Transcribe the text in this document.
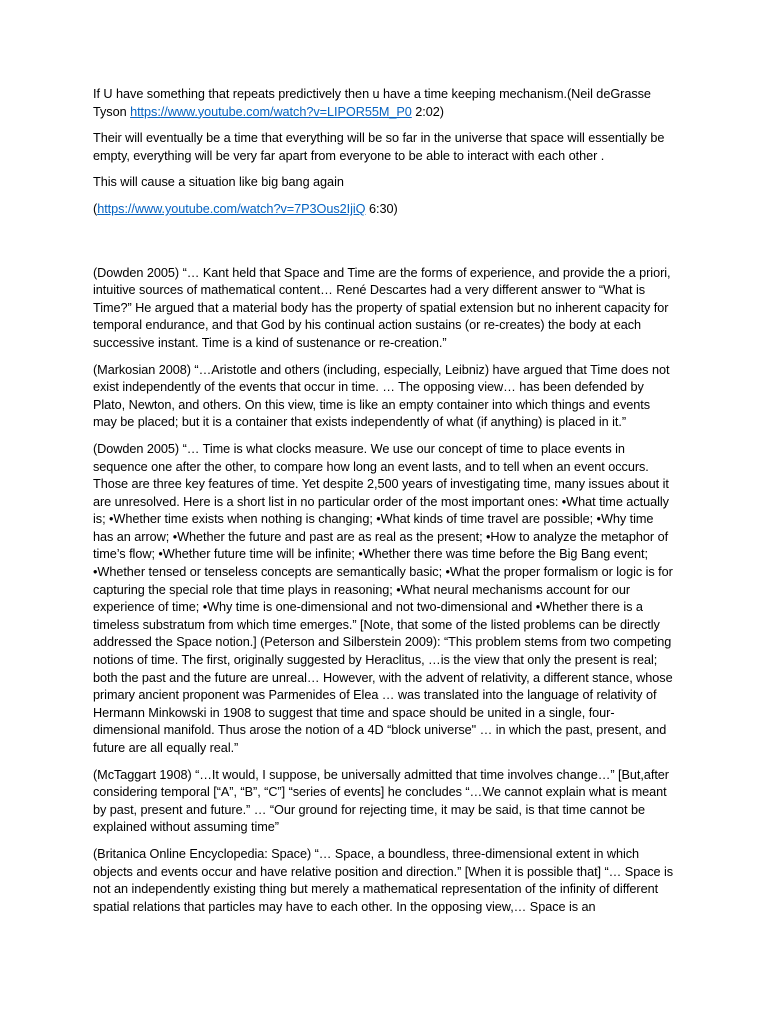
If U have something that repeats predictively then u have a time keeping mechanism.(Neil deGrasse Tyson https://www.youtube.com/watch?v=LIPOR55M_P0 2:02)

Their will eventually be a time that everything will be so far in the universe that space will essentially be empty, everything will be very far apart from everyone to be able to interact with each other .

This will cause a situation like big bang again

(https://www.youtube.com/watch?v=7P3Ous2IjiQ 6:30)

(Dowden 2005) “… Kant held that Space and Time are the forms of experience, and provide the a priori, intuitive sources of mathematical content… René Descartes had a very different answer to “What is Time?” He argued that a material body has the property of spatial extension but no inherent capacity for temporal endurance, and that God by his continual action sustains (or re-creates) the body at each successive instant. Time is a kind of sustenance or re-creation.”

(Markosian 2008) “…Aristotle and others (including, especially, Leibniz) have argued that Time does not exist independently of the events that occur in time. … The opposing view… has been defended by Plato, Newton, and others. On this view, time is like an empty container into which things and events may be placed; but it is a container that exists independently of what (if anything) is placed in it.”

(Dowden 2005) “… Time is what clocks measure. We use our concept of time to place events in sequence one after the other, to compare how long an event lasts, and to tell when an event occurs. Those are three key features of time. Yet despite 2,500 years of investigating time, many issues about it are unresolved. Here is a short list in no particular order of the most important ones: •What time actually is; •Whether time exists when nothing is changing; •What kinds of time travel are possible; •Why time has an arrow; •Whether the future and past are as real as the present; •How to analyze the metaphor of time’s flow; •Whether future time will be infinite; •Whether there was time before the Big Bang event; •Whether tensed or tenseless concepts are semantically basic; •What the proper formalism or logic is for capturing the special role that time plays in reasoning; •What neural mechanisms account for our experience of time; •Why time is one-dimensional and not two-dimensional and •Whether there is a timeless substratum from which time emerges.” [Note, that some of the listed problems can be directly addressed the Space notion.] (Peterson and Silberstein 2009): “This problem stems from two competing notions of time. The first, originally suggested by Heraclitus, …is the view that only the present is real; both the past and the future are unreal… However, with the advent of relativity, a different stance, whose primary ancient proponent was Parmenides of Elea … was translated into the language of relativity of Hermann Minkowski in 1908 to suggest that time and space should be united in a single, four-dimensional manifold. Thus arose the notion of a 4D “block universe" … in which the past, present, and future are all equally real.”

(McTaggart 1908) “…It would, I suppose, be universally admitted that time involves change…” [But,after considering temporal [“A”, “B”, “C”] “series of events] he concludes “…We cannot explain what is meant by past, present and future.” … “Our ground for rejecting time, it may be said, is that time cannot be explained without assuming time”

(Britanica Online Encyclopedia: Space) “… Space, a boundless, three-dimensional extent in which objects and events occur and have relative position and direction.” [When it is possible that] “… Space is not an independently existing thing but merely a mathematical representation of the infinity of different spatial relations that particles may have to each other. In the opposing view,… Space is an
